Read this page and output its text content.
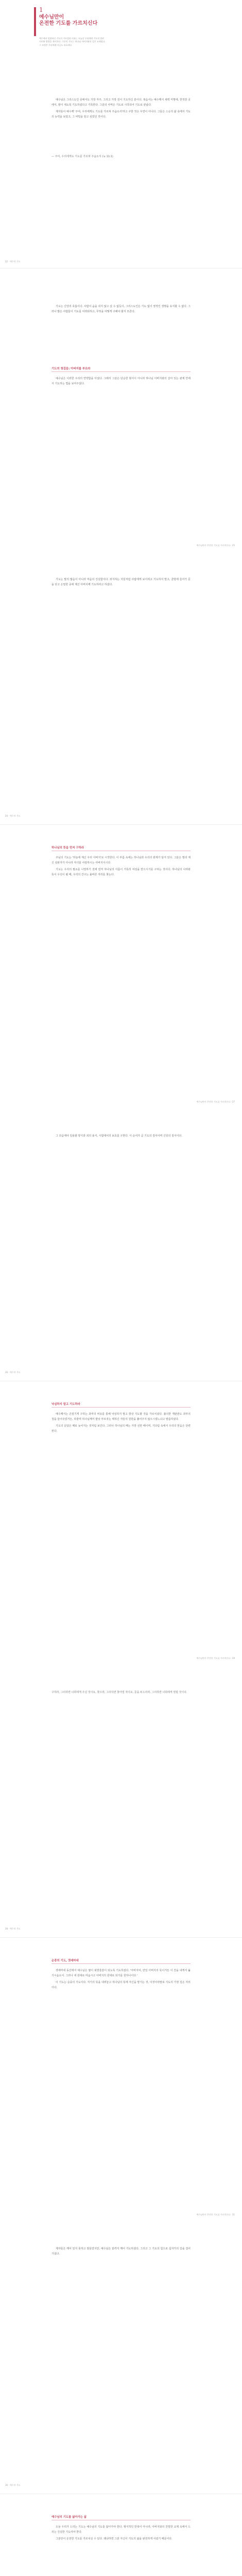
1
예수님만이
온전한 기도를 가르치신다
예수께서 말씀하신 기도의 가르침과 비유는 오늘날 우리에게 기도의 참된 의미와 방향을 제시한다. 그분의 기도는 하나님 아버지와의 깊은 교제였고, 그 모범은 우리에게 지금도 유효하다.

예수님은 그리스도인 중에서도 가장 자주, 그리고 가장 깊이 기도하신 분이다. 복음서는 예수께서 새벽 미명에, 한적한 곳에서, 밤이 새도록 기도하셨다고 기록한다. 그분의 사역은 기도로 시작되어 기도로 끝났다.

제자들이 예수께 '주여, 우리에게도 기도를 가르쳐 주옵소서'라고 구한 것은 우연이 아니다. 그들은 스승의 삶 속에서 기도의 능력을 보았고, 그 비밀을 알고 싶었던 것이다.

— 주여, 우리에게도 기도를 가르쳐 주옵소서 (눅 11:1)
22 · 예수의 기도

기도는 신앙의 호흡이다. 사람이 숨을 쉬지 않고 살 수 없듯이, 그리스도인은 기도 없이 영적인 생명을 유지할 수 없다. 그러나 많은 사람들이 기도를 어려워하고, 무엇을 어떻게 구해야 할지 모른다.

기도의 첫걸음: 아버지를 부르라

예수님은 이러한 우리의 연약함을 아셨다. 그래서 그분은 단순한 형식이 아니라 하나님 아버지와의 살아 있는 관계 안에서 기도하는 법을 보여주셨다.

예수님만이 온전한 기도를 가르치신다 · 25

기도는 말의 많음이 아니라 마음의 진실함이다. 외식하는 자들처럼 사람에게 보이려고 기도하지 말고, 골방에 들어가 문을 닫고 은밀한 중에 계신 아버지께 기도하라고 하셨다.

24 · 예수의 기도
하나님의 뜻을 먼저 구하라

주님의 기도는 '하늘에 계신 우리 아버지'로 시작한다. 이 부름 속에는 하나님과 우리의 관계가 담겨 있다. 그분은 멀리 계신 심판자가 아니라 자녀를 사랑하시는 아버지이시다.

기도는 우리의 필요를 나열하기 전에 먼저 하나님의 이름이 거룩히 여김을 받으시기를 구하는 것이다. 하나님의 나라와 뜻이 우선이 될 때, 우리의 간구는 올바른 자리를 찾는다.

예수님만이 온전한 기도를 가르치신다 · 27

그 다음에야 일용할 양식과 죄의 용서, 시험에서의 보호를 구한다. 이 순서가 곧 기도의 질서이며 신앙의 질서이다.

26 · 예수의 기도
낙심하지 말고 기도하라

예수께서는 끈질기게 구하는 과부의 비유를 통해 낙심하지 말고 항상 기도할 것을 가르치셨다. 불의한 재판관도 과부의 청을 들어주었거든, 하물며 하나님께서 밤낮 부르짖는 택하신 자들의 원한을 풀어주지 않으시겠느냐고 말씀하셨다.

기도의 응답은 때로 늦어지는 것처럼 보인다. 그러나 하나님의 때는 가장 선한 때이며, 기다림 속에서 우리의 믿음은 단련된다.

예수님만이 온전한 기도를 가르치신다 · 29
구하라, 그리하면 너희에게 주실 것이요, 찾으라, 그리하면 찾아낼 것이요, 문을 두드리라, 그리하면 너희에게 열릴 것이다.
28 · 예수의 기도
순종의 기도, 겟세마네

겟세마네 동산에서 예수님은 땀이 핏방울같이 되도록 기도하셨다. '아버지여, 만일 아버지의 뜻이거든 이 잔을 내게서 옮기시옵소서. 그러나 내 원대로 마옵시고 아버지의 원대로 되기를 원하나이다.'

이 기도는 순종의 기도이다. 자기의 뜻을 내려놓고 하나님의 뜻에 자신을 맡기는 것, 이것이야말로 기도의 가장 깊은 자리이다.

예수님만이 온전한 기도를 가르치신다 · 31

제자들은 깨어 있지 못하고 잠들었지만, 예수님은 끝까지 깨어 기도하셨다. 그리고 그 기도의 힘으로 십자가의 길을 걸어가셨다.

30 · 예수의 기도
예수님의 기도를 닮아가는 삶

오늘 우리가 드리는 기도는 예수님의 기도를 닮아가야 한다. 형식적인 반복이 아니라, 아버지와의 친밀한 교제 속에서 드리는 진실한 기도여야 한다.

그분만이 온전한 기도를 가르치실 수 있다. 왜냐하면 그분 자신이 기도의 삶을 완전하게 사셨기 때문이다.
